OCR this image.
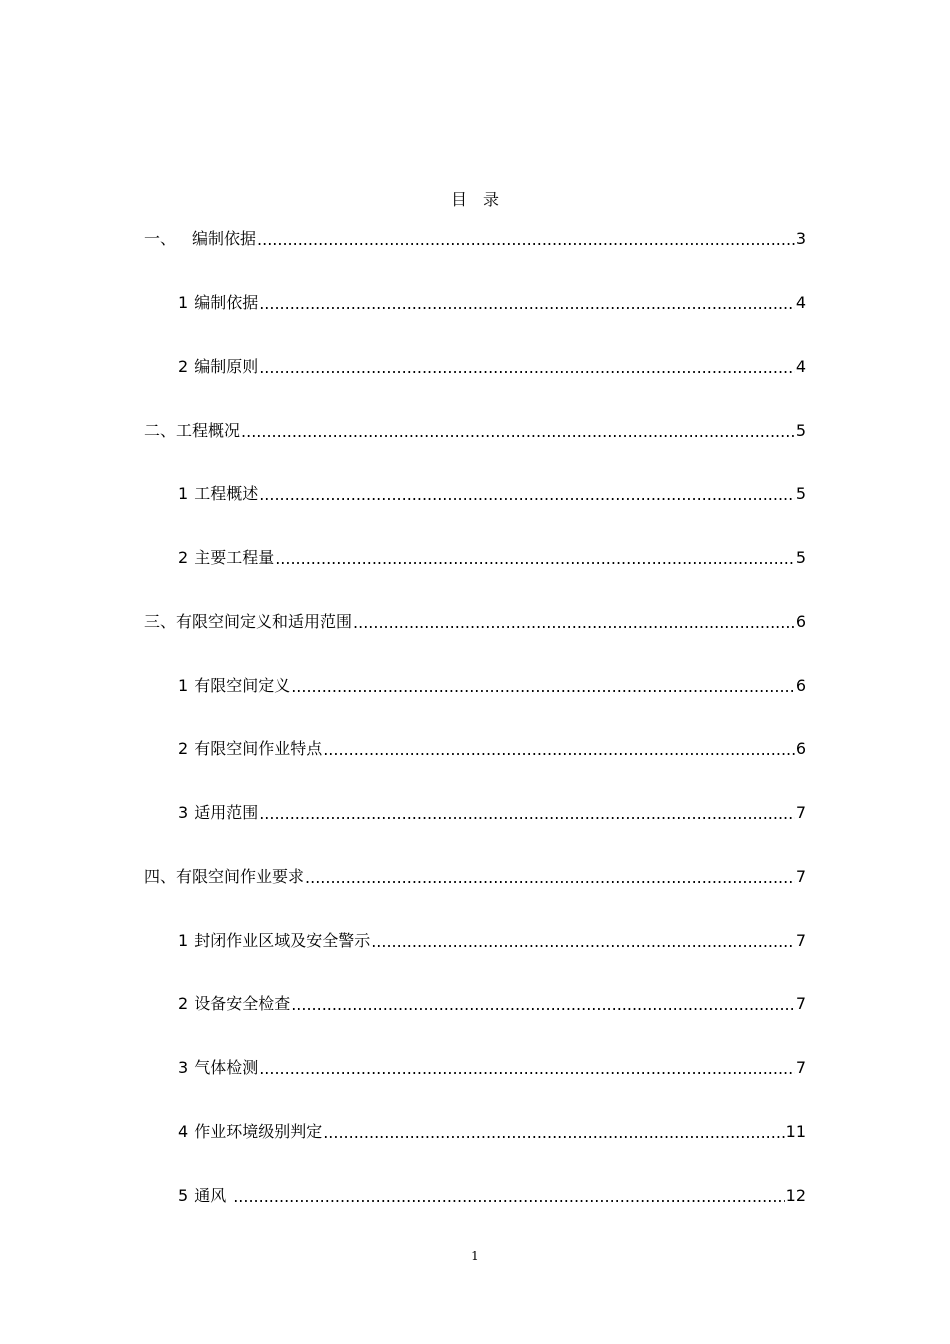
目　录
一、 编制依据 .....	3
1 编制依据 .....	4
2 编制原则 .....	4
二、 工程概况 .....	5
1 工程概述 .....	5
2 主要工程量 .....	5
三、 有限空间定义和适用范围 .....	6
1 有限空间定义 .....	6
2 有限空间作业特点 .....	6
3 适用范围 .....	7
四、 有限空间作业要求 .....	7
1 封闭作业区域及安全警示 .....	7
2 设备安全检查 .....	7
3 气体检测 .....	7
4 作业环境级别判定 .....	11
5 通风 .....	12
1
